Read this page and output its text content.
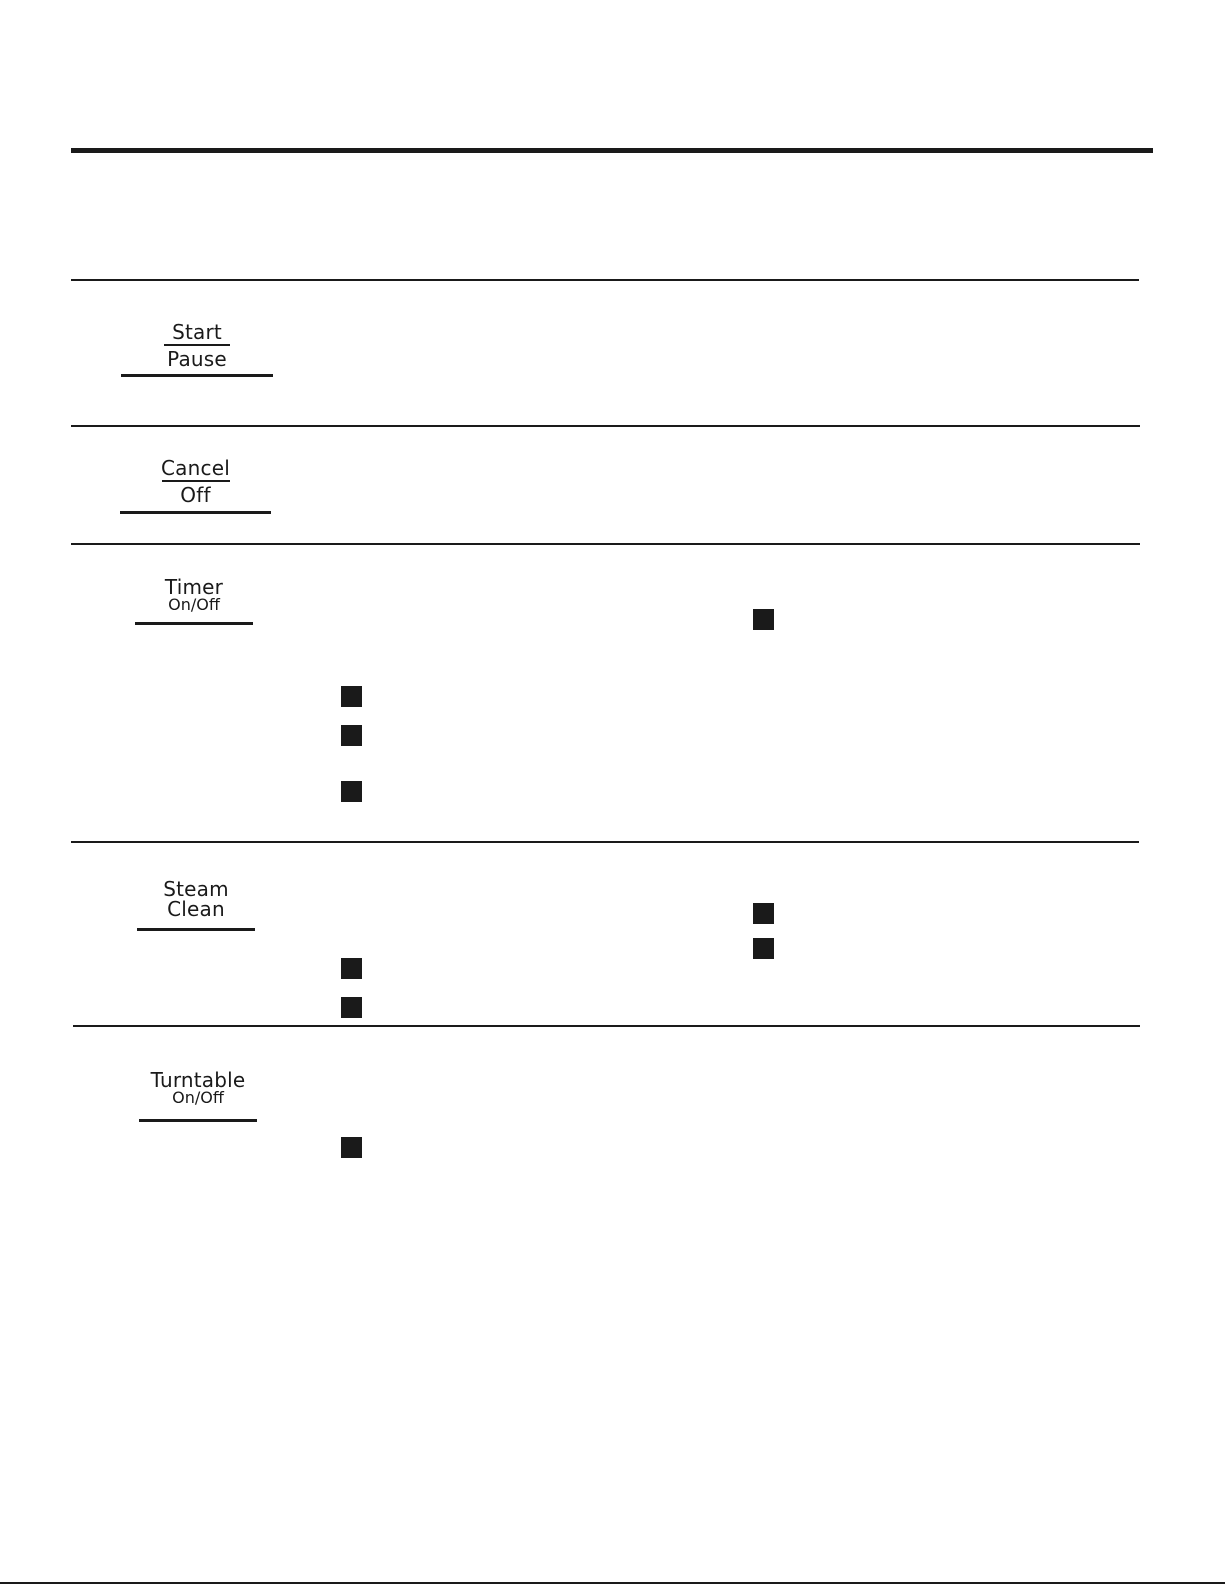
Start
Pause
Cancel
Off
Timer
On/Off
Steam
Clean
Turntable
On/Off
